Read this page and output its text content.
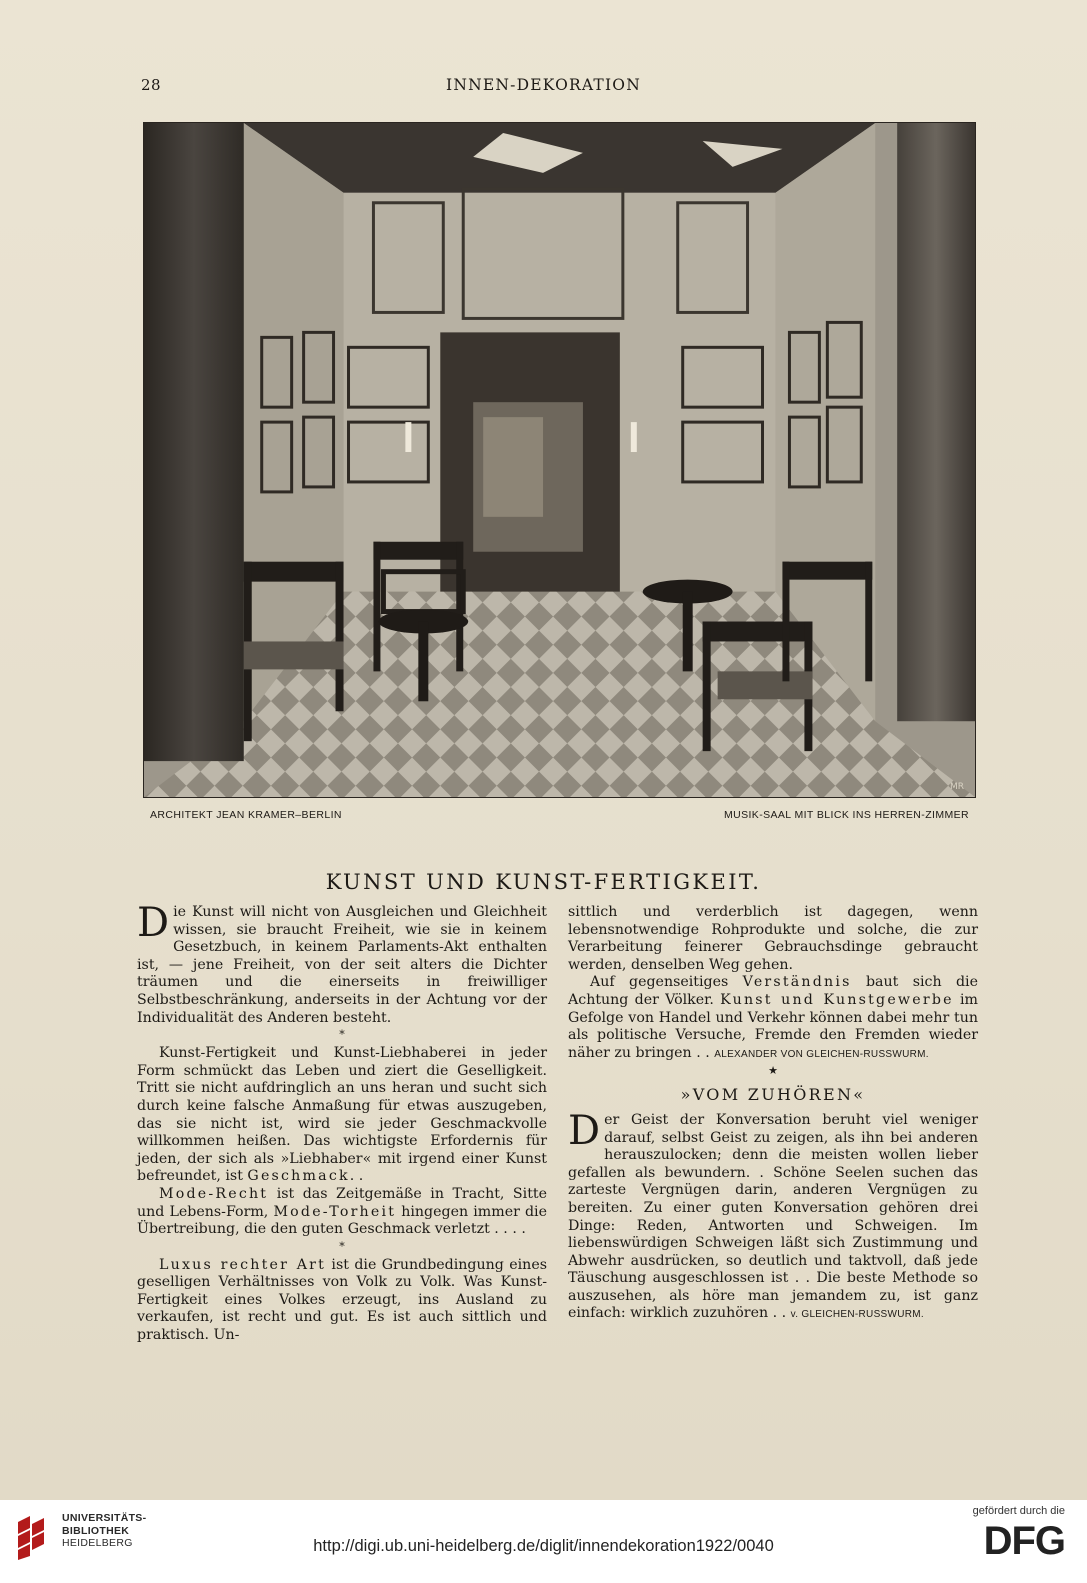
28	INNEN-DEKORATION
MR
ARCHITEKT JEAN KRAMER–BERLIN	MUSIK-SAAL MIT BLICK INS HERREN-ZIMMER
KUNST UND KUNST-FERTIGKEIT.

Die Kunst will nicht von Ausgleichen und Gleichheit wissen, sie braucht Freiheit, wie sie in keinem Gesetzbuch, in keinem Parlaments-Akt enthalten ist, — jene Freiheit, von der seit alters die Dichter träumen und die einerseits in freiwilliger Selbstbeschränkung, anderseits in der Achtung vor der Individualität des Anderen besteht.

*

Kunst-Fertigkeit und Kunst-Liebhaberei in jeder Form schmückt das Leben und ziert die Geselligkeit. Tritt sie nicht aufdringlich an uns heran und sucht sich durch keine falsche Anmaßung für etwas auszugeben, das sie nicht ist, wird sie jeder Geschmackvolle willkommen heißen. Das wichtigste Erfordernis für jeden, der sich als »Liebhaber« mit irgend einer Kunst befreundet, ist Geschmack. .

Mode-Recht ist das Zeitgemäße in Tracht, Sitte und Lebens-Form, Mode-Torheit hingegen immer die Übertreibung, die den guten Geschmack verletzt . . . .

*

Luxus rechter Art ist die Grundbedingung eines geselligen Verhältnisses von Volk zu Volk. Was Kunst-Fertigkeit eines Volkes erzeugt, ins Ausland zu verkaufen, ist recht und gut. Es ist auch sittlich und praktisch. Un-

sittlich und verderblich ist dagegen, wenn lebensnotwendige Rohprodukte und solche, die zur Verarbeitung feinerer Gebrauchsdinge gebraucht werden, denselben Weg gehen.

Auf gegenseitiges Verständnis baut sich die Achtung der Völker. Kunst und Kunstgewerbe im Gefolge von Handel und Verkehr können dabei mehr tun als politische Versuche, Fremde den Fremden wieder näher zu bringen . . ALEXANDER VON GLEICHEN-RUSSWURM.

★
»VOM ZUHÖREN«

Der Geist der Konversation beruht viel weniger darauf, selbst Geist zu zeigen, als ihn bei anderen herauszulocken; denn die meisten wollen lieber gefallen als bewundern. . Schöne Seelen suchen das zarteste Vergnügen darin, anderen Vergnügen zu bereiten. Zu einer guten Konversation gehören drei Dinge: Reden, Antworten und Schweigen. Im liebenswürdigen Schweigen läßt sich Zustimmung und Abwehr ausdrücken, so deutlich und taktvoll, daß jede Täuschung ausgeschlossen ist . . Die beste Methode so auszusehen, als höre man jemandem zu, ist ganz einfach: wirklich zuzuhören . . v. GLEICHEN-RUSSWURM.

UNIVERSITÄTS-
BIBLIOTHEK
HEIDELBERG	http://digi.ub.uni-heidelberg.de/diglit/innendekoration1922/0040
gefördert durch die
DFG
